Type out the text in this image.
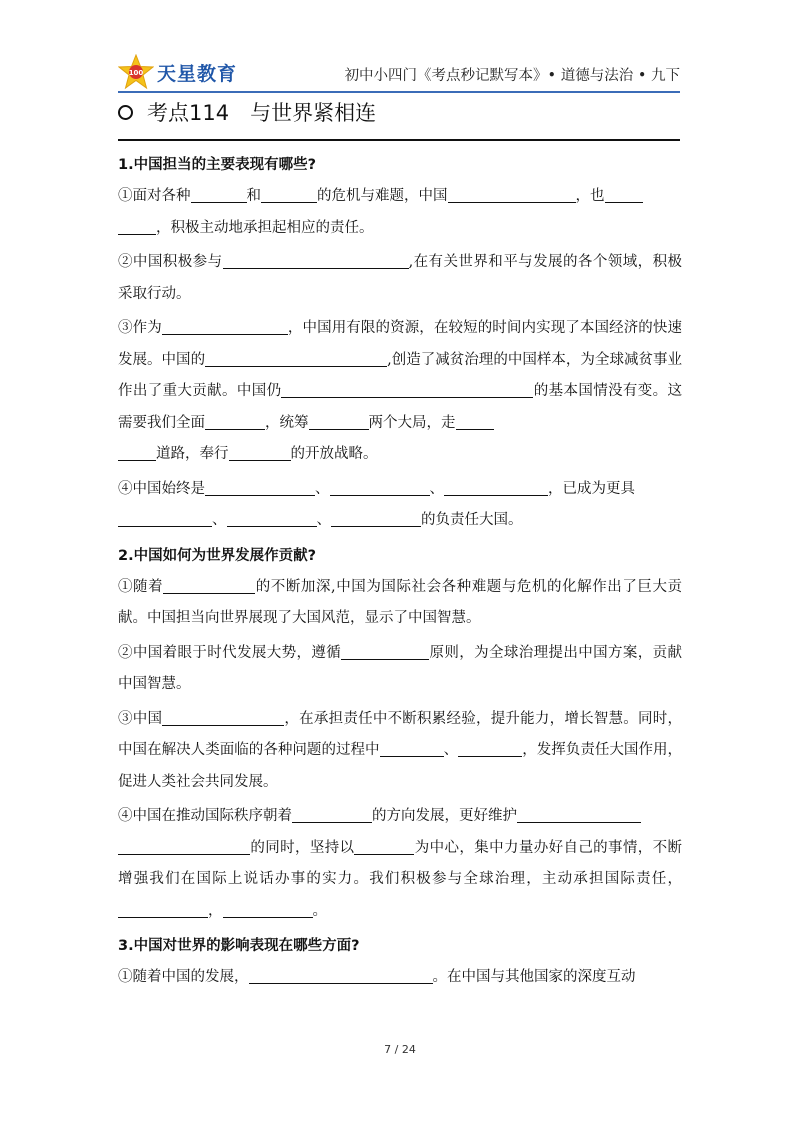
100 天星教育	初中小四门《考点秒记默写本》• 道德与法治 • 九下
考点114　与世界紧相连
1.中国担当的主要表现有哪些?

①面对各种	和	的危机与难题，中国	，也
，积极主动地承担起相应的责任。

②中国积极参与	,在有关世界和平与发展的各个领域，积极采取行动。

③作为	，中国用有限的资源，在较短的时间内实现了本国经济的快速发展。中国的	,创造了减贫治理的中国样本，为全球减贫事业作出了重大贡献。中国仍	的基本国情没有变。这需要我们全面	，统筹	两个大局，走
道路，奉行	的开放战略。

④中国始终是	、	、	，已成为更具
、	、	的负责任大国。

2.中国如何为世界发展作贡献?

①随着	的不断加深,中国为国际社会各种难题与危机的化解作出了巨大贡献。中国担当向世界展现了大国风范，显示了中国智慧。

②中国着眼于时代发展大势，遵循	原则，为全球治理提出中国方案，贡献中国智慧。

③中国	，在承担责任中不断积累经验，提升能力，增长智慧。同时，中国在解决人类面临的各种问题的过程中	、	，发挥负责任大国作用，促进人类社会共同发展。

④中国在推动国际秩序朝着	的方向发展，更好维护
的同时，坚持以	为中心，集中力量办好自己的事情，不断增强我们在国际上说话办事的实力。我们积极参与全球治理，主动承担国际责任，，	。

3.中国对世界的影响表现在哪些方面?

①随着中国的发展，	。在中国与其他国家的深度互动

7 / 24
